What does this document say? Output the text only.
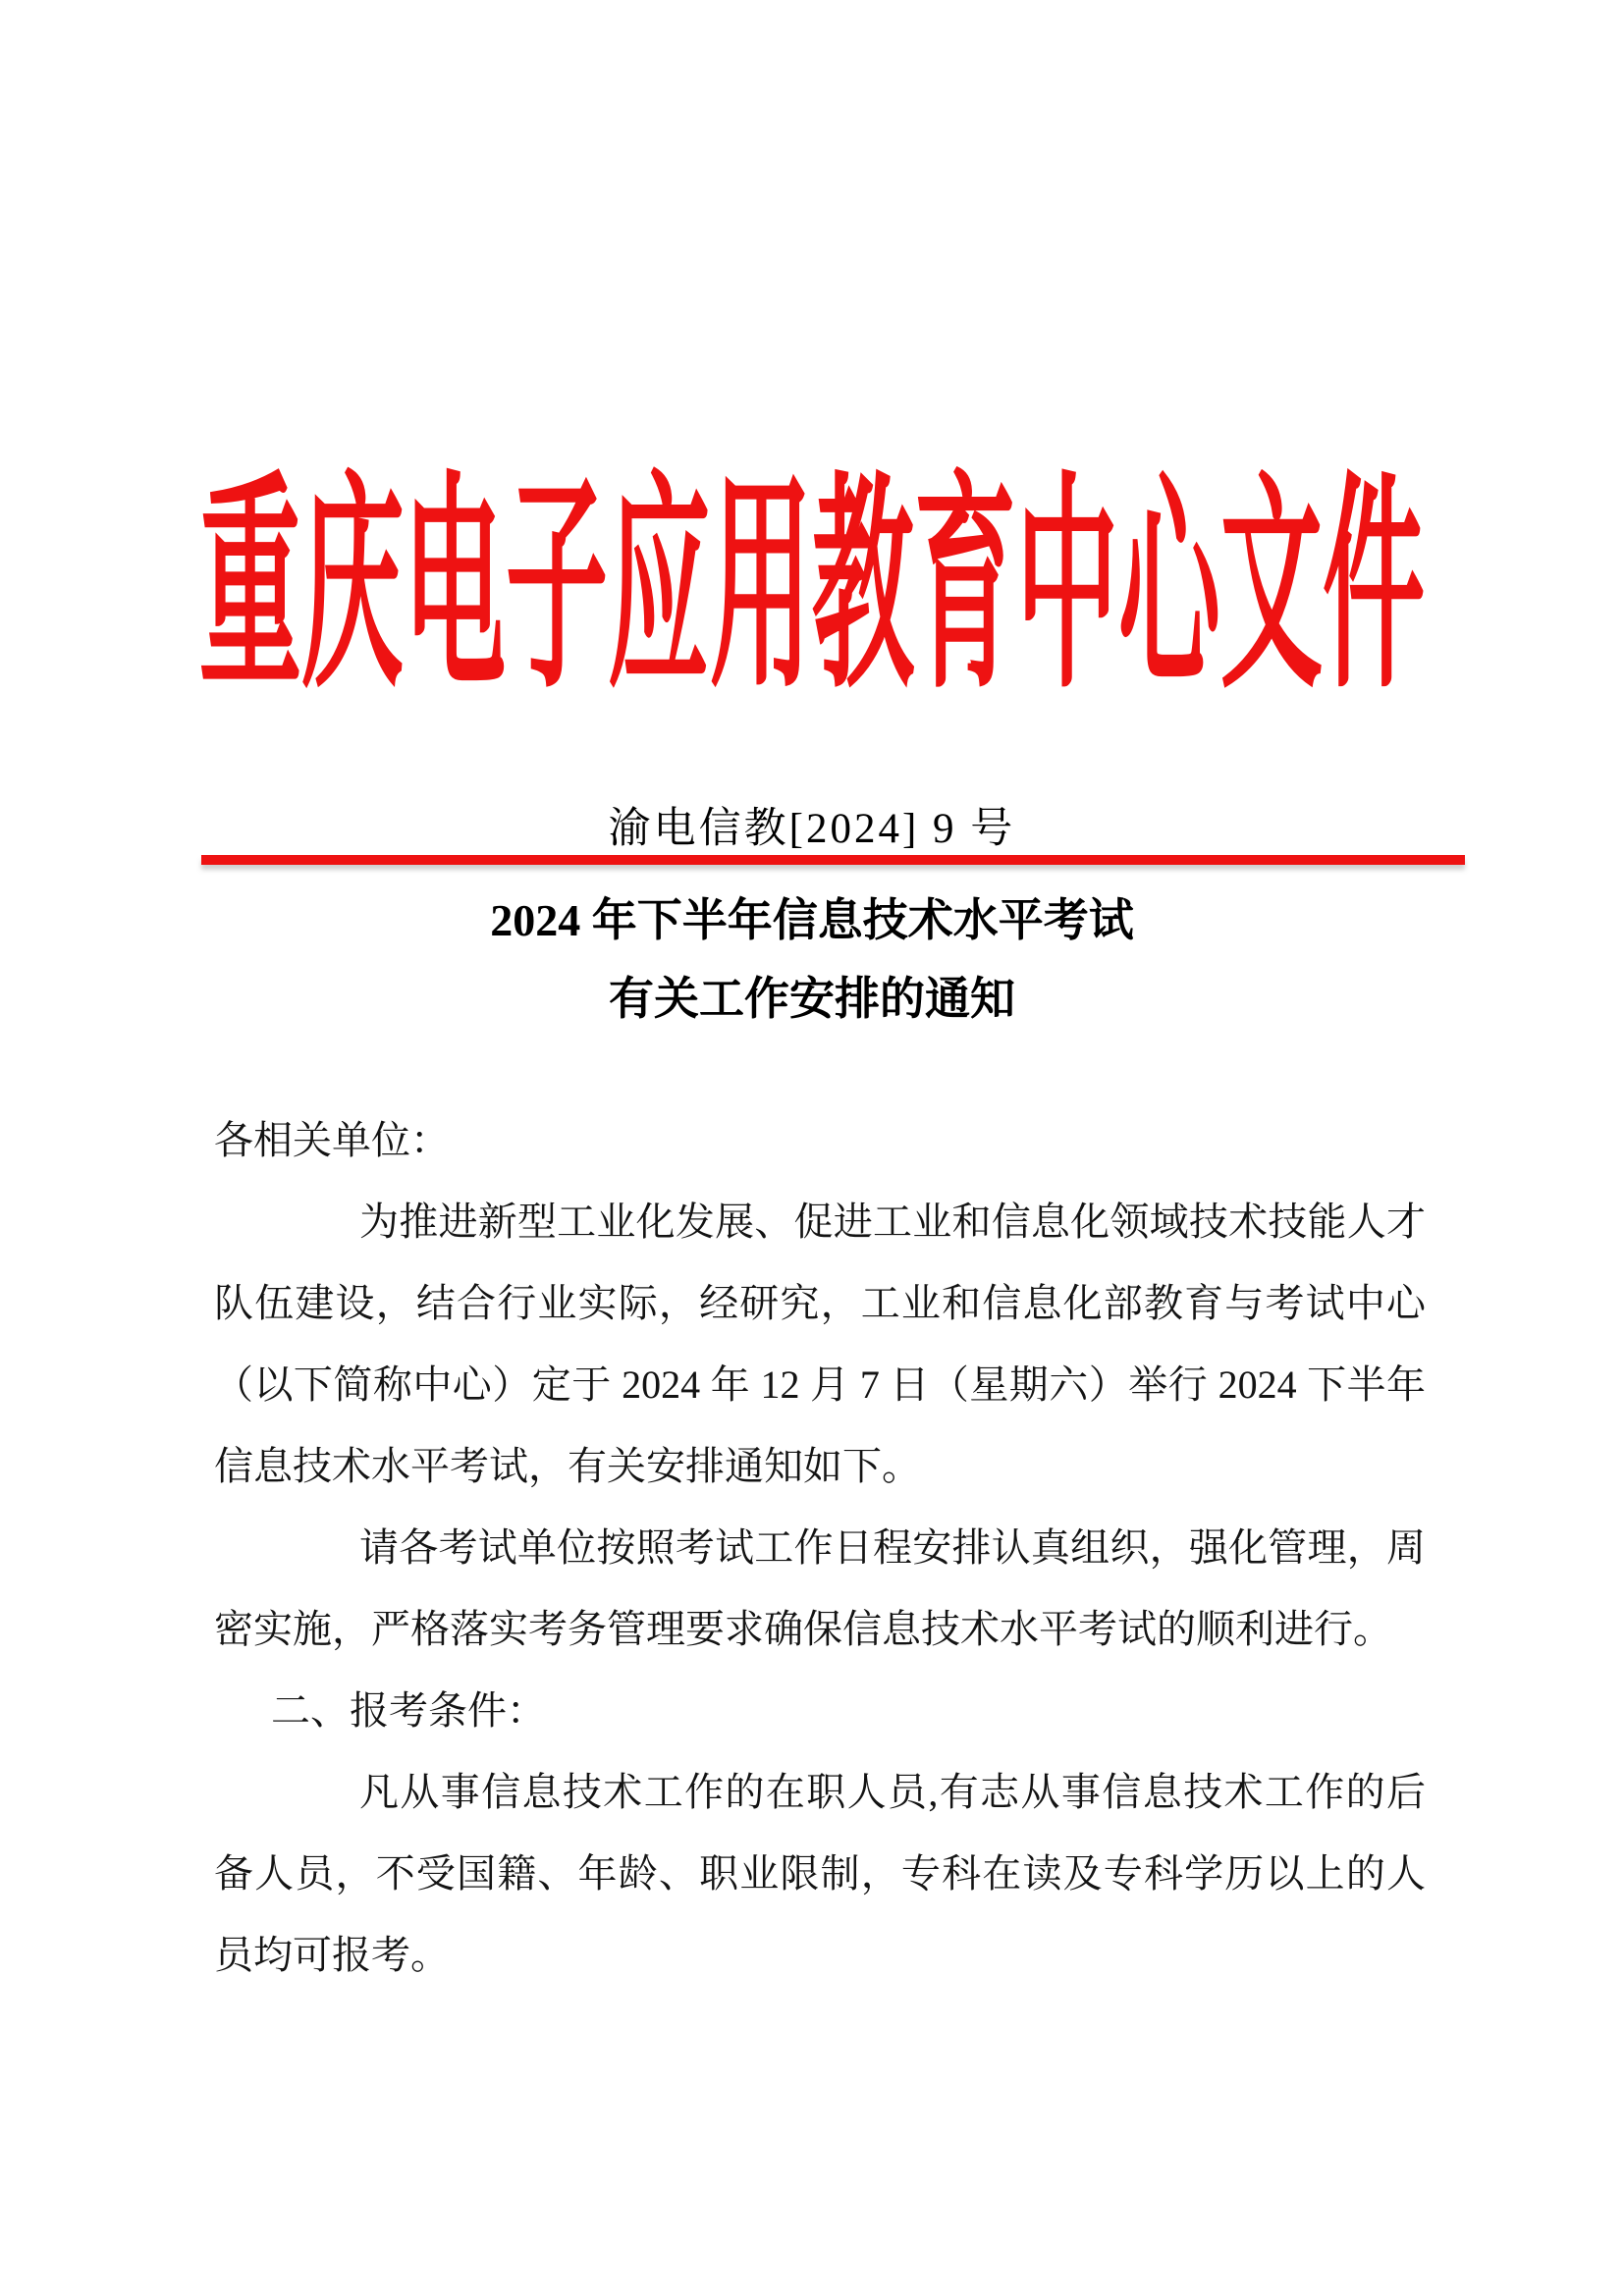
重庆电子应用教育中心文件
渝电信教[2024] 9 号
2024 年下半年信息技术水平考试
有关工作安排的通知

各相关单位：

为推进新型工业化发展、促进工业和信息化领域技术技能人才队伍建设，结合行业实际，经研究，工业和信息化部教育与考试中心（以下简称中心）定于 2024 年 12 月 7 日（星期六）举行 2024 下半年信息技术水平考试，有关安排通知如下。

请各考试单位按照考试工作日程安排认真组织，强化管理，周密实施，严格落实考务管理要求确保信息技术水平考试的顺利进行。

二、报考条件：

凡从事信息技术工作的在职人员,有志从事信息技术工作的后备人员，不受国籍、年龄、职业限制，专科在读及专科学历以上的人员均可报考。
